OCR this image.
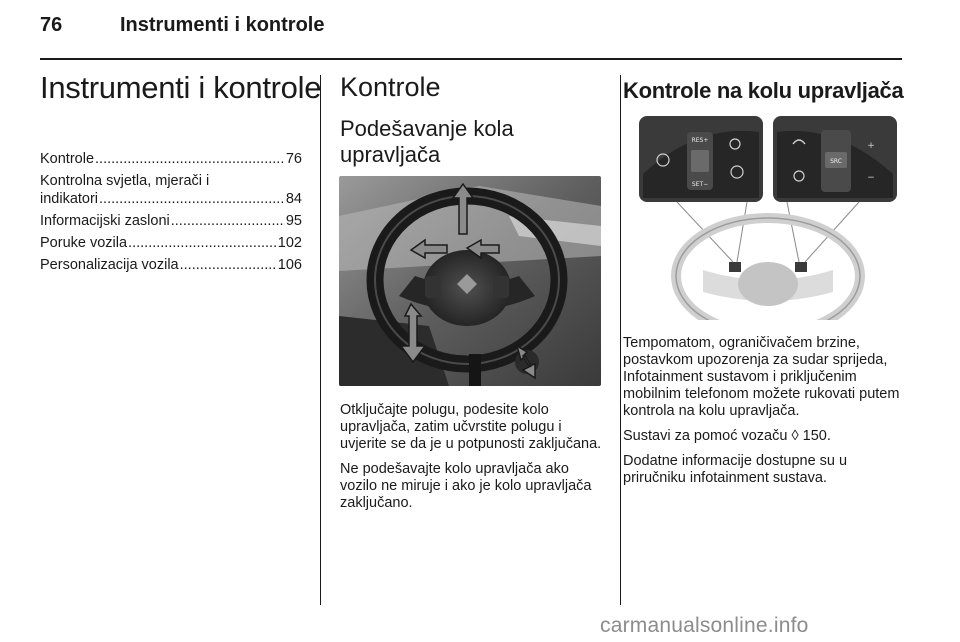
76	Instrumenti i kontrole
Instrumenti i kontrole
Kontrole .....	76
Kontrolna svjetla, mjerači i
indikatori .....	84
Informacijski zasloni .....	95
Poruke vozila .....	102
Personalizacija vozila .....	106
Kontrole
Podešavanje kola upravljača

Otključajte polugu, podesite kolo upravljača, zatim učvrstite polugu i uvjerite se da je u potpunosti zaključana.

Ne podešavajte kolo upravljača ako vozilo ne miruje i ako je kolo upravljača zaključano.

Kontrole na kolu upravljača
RES+
SET−
SRC
+
−

Tempomatom, ograničivačem brzine, postavkom upozorenja za sudar sprijeda, Infotainment sustavom i priključenim mobilnim telefonom možete rukovati putem kontrola na kolu upravljača.

Sustavi za pomoć vozaču ◊ 150.

Dodatne informacije dostupne su u priručniku infotainment sustava.

carmanualsonline.info
